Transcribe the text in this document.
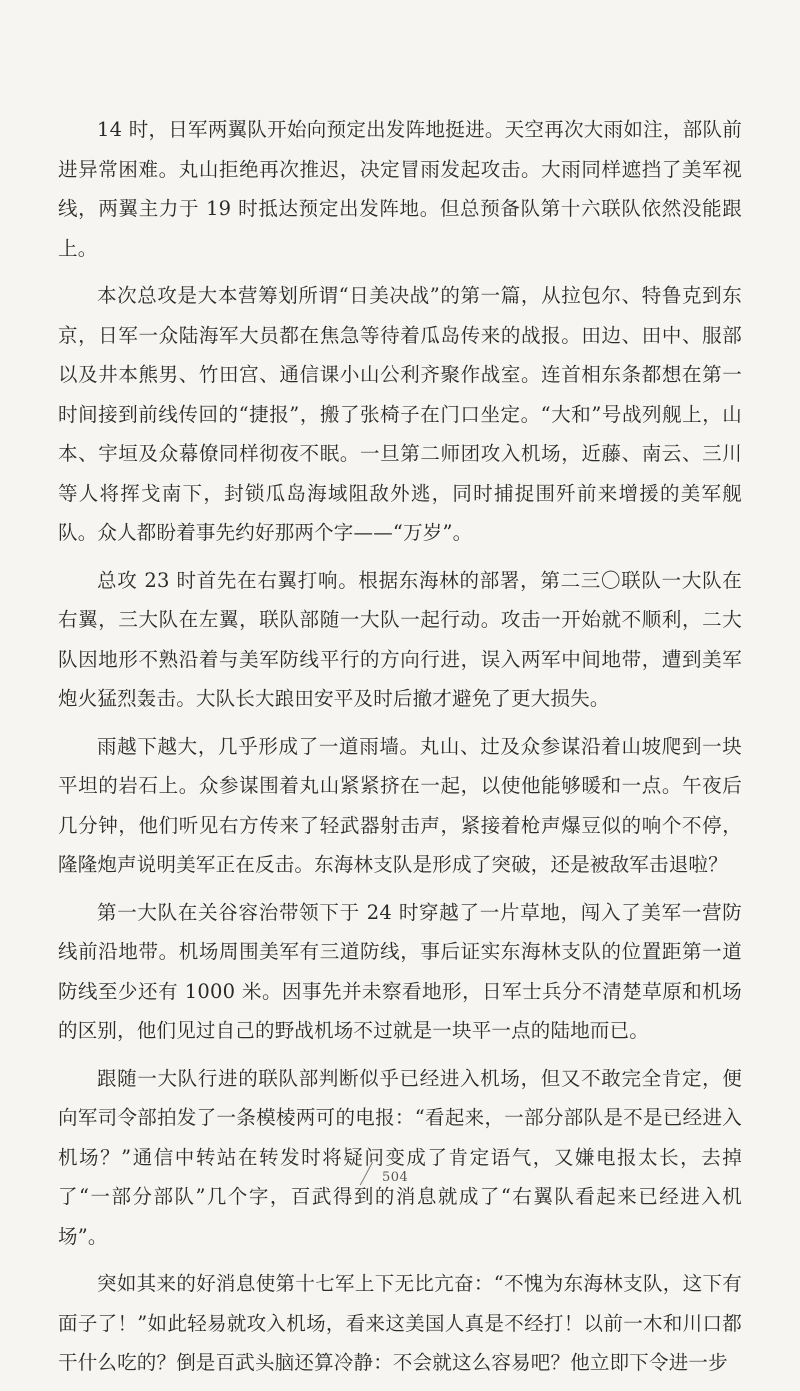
14 时，日军两翼队开始向预定出发阵地挺进。天空再次大雨如注，部队前进异常困难。丸山拒绝再次推迟，决定冒雨发起攻击。大雨同样遮挡了美军视线，两翼主力于 19 时抵达预定出发阵地。但总预备队第十六联队依然没能跟上。

本次总攻是大本营筹划所谓“日美决战”的第一篇，从拉包尔、特鲁克到东京，日军一众陆海军大员都在焦急等待着瓜岛传来的战报。田边、田中、服部以及井本熊男、竹田宫、通信课小山公利齐聚作战室。连首相东条都想在第一时间接到前线传回的“捷报”，搬了张椅子在门口坐定。“大和”号战列舰上，山本、宇垣及众幕僚同样彻夜不眠。一旦第二师团攻入机场，近藤、南云、三川等人将挥戈南下，封锁瓜岛海域阻敌外逃，同时捕捉围歼前来增援的美军舰队。众人都盼着事先约好那两个字——“万岁”。

总攻 23 时首先在右翼打响。根据东海林的部署，第二三〇联队一大队在右翼，三大队在左翼，联队部随一大队一起行动。攻击一开始就不顺利，二大队因地形不熟沿着与美军防线平行的方向行进，误入两军中间地带，遭到美军炮火猛烈轰击。大队长大踉田安平及时后撤才避免了更大损失。

雨越下越大，几乎形成了一道雨墙。丸山、辻及众参谋沿着山坡爬到一块平坦的岩石上。众参谋围着丸山紧紧挤在一起，以使他能够暖和一点。午夜后几分钟，他们听见右方传来了轻武器射击声，紧接着枪声爆豆似的响个不停，隆隆炮声说明美军正在反击。东海林支队是形成了突破，还是被敌军击退啦？

第一大队在关谷容治带领下于 24 时穿越了一片草地，闯入了美军一营防线前沿地带。机场周围美军有三道防线，事后证实东海林支队的位置距第一道防线至少还有 1000 米。因事先并未察看地形，日军士兵分不清楚草原和机场的区别，他们见过自己的野战机场不过就是一块平一点的陆地而已。

跟随一大队行进的联队部判断似乎已经进入机场，但又不敢完全肯定，便向军司令部拍发了一条模棱两可的电报：“看起来，一部分部队是不是已经进入机场？”通信中转站在转发时将疑问变成了肯定语气，又嫌电报太长，去掉了“一部分部队”几个字，百武得到的消息就成了“右翼队看起来已经进入机场”。

突如其来的好消息使第十七军上下无比亢奋：“不愧为东海林支队，这下有面子了！”如此轻易就攻入机场，看来这美国人真是不经打！以前一木和川口都干什么吃的？倒是百武头脑还算冷静：不会就这么容易吧？他立即下令进一步

504
